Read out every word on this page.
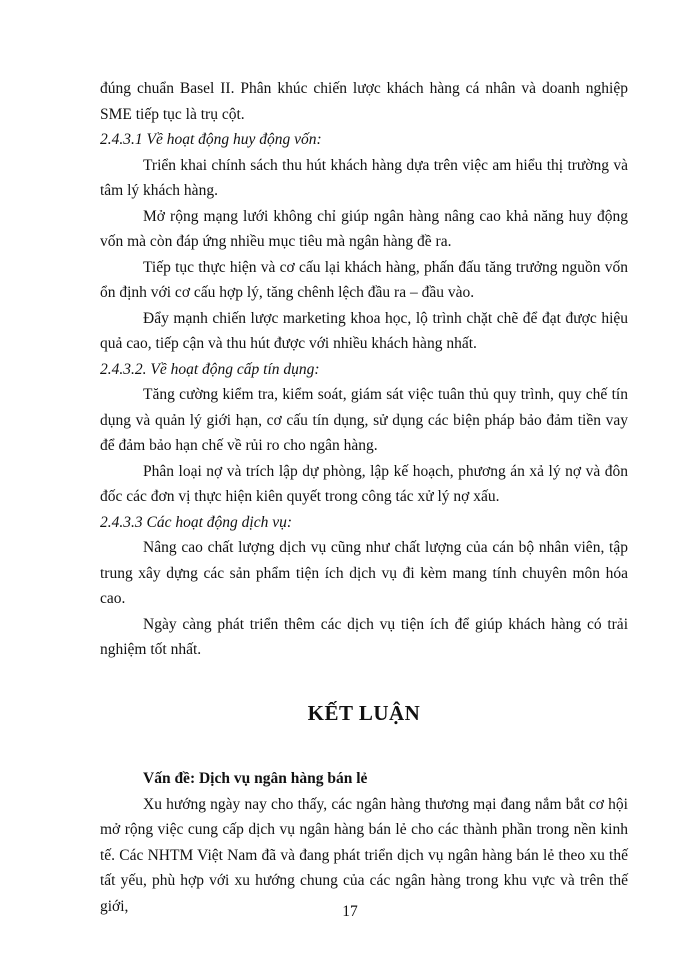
đúng chuẩn Basel II. Phân khúc chiến lược khách hàng cá nhân và doanh nghiệp SME tiếp tục là trụ cột.

2.4.3.1 Về hoạt động huy động vốn:

Triển khai chính sách thu hút khách hàng dựa trên việc am hiểu thị trường và tâm lý khách hàng.

Mở rộng mạng lưới không chỉ giúp ngân hàng nâng cao khả năng huy động vốn mà còn đáp ứng nhiều mục tiêu mà ngân hàng đề ra.

Tiếp tục thực hiện và cơ cấu lại khách hàng, phấn đấu tăng trưởng nguồn vốn ổn định với cơ cấu hợp lý, tăng chênh lệch đầu ra – đầu vào.

Đẩy mạnh chiến lược marketing khoa học, lộ trình chặt chẽ để đạt được hiệu quả cao, tiếp cận và thu hút được với nhiều khách hàng nhất.

2.4.3.2. Về hoạt động cấp tín dụng:

Tăng cường kiểm tra, kiểm soát, giám sát việc tuân thủ quy trình, quy chế tín dụng và quản lý giới hạn, cơ cấu tín dụng, sử dụng các biện pháp bảo đảm tiền vay để đảm bảo hạn chế về rủi ro cho ngân hàng.

Phân loại nợ và trích lập dự phòng, lập kế hoạch, phương án xả lý nợ và đôn đốc các đơn vị thực hiện kiên quyết trong công tác xử lý nợ xấu.

2.4.3.3 Các hoạt động dịch vụ:

Nâng cao chất lượng dịch vụ cũng như chất lượng của cán bộ nhân viên, tập trung xây dựng các sản phẩm tiện ích dịch vụ đi kèm mang tính chuyên môn hóa cao.

Ngày càng phát triển thêm các dịch vụ tiện ích để giúp khách hàng có trải nghiệm tốt nhất.

KẾT LUẬN

Vấn đề: Dịch vụ ngân hàng bán lẻ

Xu hướng ngày nay cho thấy, các ngân hàng thương mại đang nắm bắt cơ hội mở rộng việc cung cấp dịch vụ ngân hàng bán lẻ cho các thành phần trong nền kinh tế. Các NHTM Việt Nam đã và đang phát triển dịch vụ ngân hàng bán lẻ theo xu thế tất yếu, phù hợp với xu hướng chung của các ngân hàng trong khu vực và trên thế giới,	17
